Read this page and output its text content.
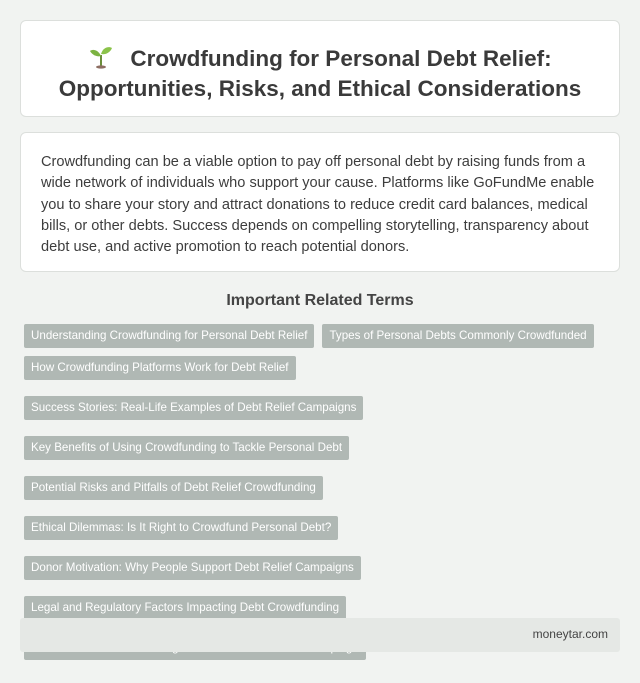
Crowdfunding for Personal Debt Relief:
Opportunities, Risks, and Ethical Considerations

Crowdfunding can be a viable option to pay off personal debt by raising funds from a wide network of individuals who support your cause. Platforms like GoFundMe enable you to share your story and attract donations to reduce credit card balances, medical bills, or other debts. Success depends on compelling storytelling, transparency about debt use, and active promotion to reach potential donors.

Important Related Terms
Understanding Crowdfunding for Personal Debt Relief	Types of Personal Debts Commonly Crowdfunded
How Crowdfunding Platforms Work for Debt Relief
Success Stories: Real-Life Examples of Debt Relief Campaigns
Key Benefits of Using Crowdfunding to Tackle Personal Debt
Potential Risks and Pitfalls of Debt Relief Crowdfunding
Ethical Dilemmas: Is It Right to Crowdfund Personal Debt?
Donor Motivation: Why People Support Debt Relief Campaigns
Legal and Regulatory Factors Impacting Debt Crowdfunding
moneytar.com
